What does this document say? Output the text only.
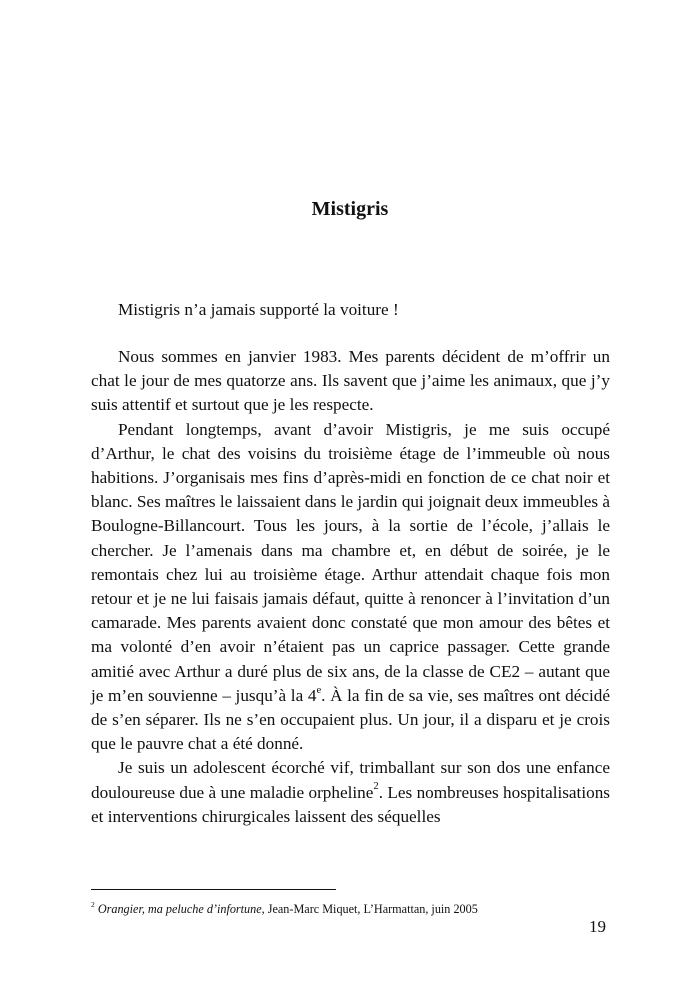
Mistigris

Mistigris n’a jamais supporté la voiture !

Nous sommes en janvier 1983. Mes parents décident de m’offrir un chat le jour de mes quatorze ans. Ils savent que j’aime les animaux, que j’y suis attentif et surtout que je les respecte.

Pendant longtemps, avant d’avoir Mistigris, je me suis occupé d’Arthur, le chat des voisins du troisième étage de l’immeuble où nous habitions. J’organisais mes fins d’après-midi en fonction de ce chat noir et blanc. Ses maîtres le laissaient dans le jardin qui joignait deux immeubles à Boulogne-Billancourt. Tous les jours, à la sortie de l’école, j’allais le chercher. Je l’amenais dans ma chambre et, en début de soirée, je le remontais chez lui au troisième étage. Arthur attendait chaque fois mon retour et je ne lui faisais jamais défaut, quitte à renoncer à l’invitation d’un camarade. Mes parents avaient donc constaté que mon amour des bêtes et ma volonté d’en avoir n’étaient pas un caprice passager. Cette grande amitié avec Arthur a duré plus de six ans, de la classe de CE2 – autant que je m’en souvienne – jusqu’à la 4e. À la fin de sa vie, ses maîtres ont décidé de s’en séparer. Ils ne s’en occupaient plus. Un jour, il a disparu et je crois que le pauvre chat a été donné.

Je suis un adolescent écorché vif, trimballant sur son dos une enfance douloureuse due à une maladie orpheline$^2$. Les nombreuses hospitalisations et interventions chirurgicales laissent des séquelles

$^2$ Orangier, ma peluche d’infortune, Jean-Marc Miquet, L’Harmattan, juin 2005

19
